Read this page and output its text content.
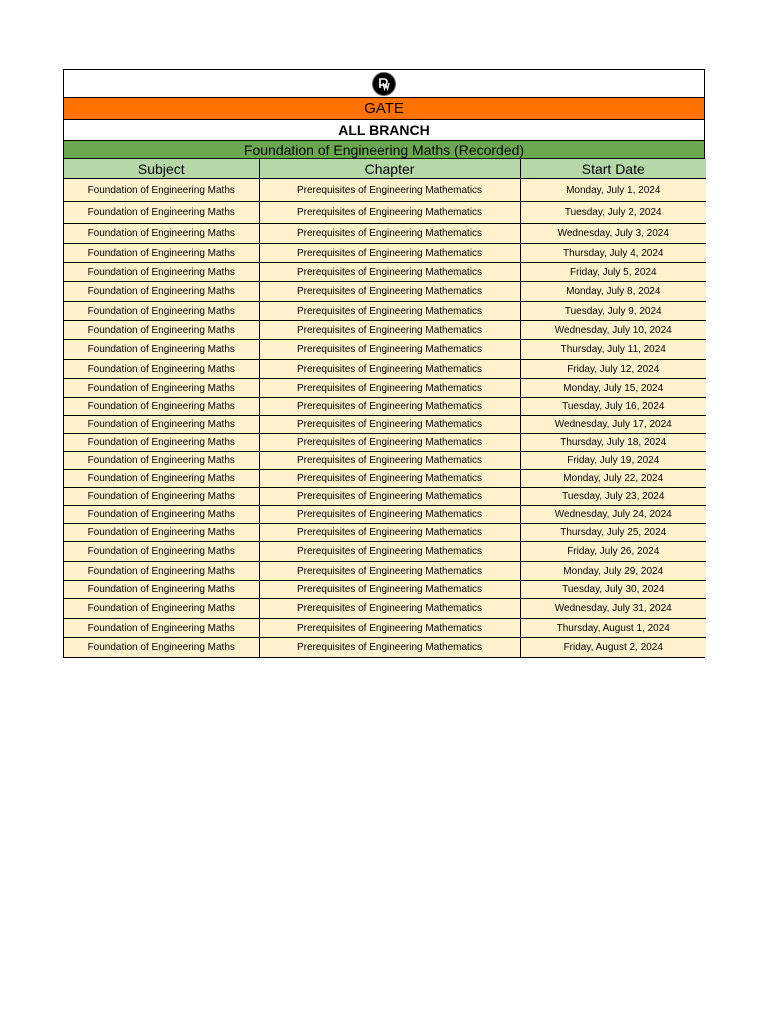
GATE
ALL BRANCH
Foundation of Engineering Maths (Recorded)
Subject	Chapter	Start Date
Foundation of Engineering Maths	Prerequisites of Engineering Mathematics	Monday, July 1, 2024
Foundation of Engineering Maths	Prerequisites of Engineering Mathematics	Tuesday, July 2, 2024
Foundation of Engineering Maths	Prerequisites of Engineering Mathematics	Wednesday, July 3, 2024
Foundation of Engineering Maths	Prerequisites of Engineering Mathematics	Thursday, July 4, 2024
Foundation of Engineering Maths	Prerequisites of Engineering Mathematics	Friday, July 5, 2024
Foundation of Engineering Maths	Prerequisites of Engineering Mathematics	Monday, July 8, 2024
Foundation of Engineering Maths	Prerequisites of Engineering Mathematics	Tuesday, July 9, 2024
Foundation of Engineering Maths	Prerequisites of Engineering Mathematics	Wednesday, July 10, 2024
Foundation of Engineering Maths	Prerequisites of Engineering Mathematics	Thursday, July 11, 2024
Foundation of Engineering Maths	Prerequisites of Engineering Mathematics	Friday, July 12, 2024
Foundation of Engineering Maths	Prerequisites of Engineering Mathematics	Monday, July 15, 2024
Foundation of Engineering Maths	Prerequisites of Engineering Mathematics	Tuesday, July 16, 2024
Foundation of Engineering Maths	Prerequisites of Engineering Mathematics	Wednesday, July 17, 2024
Foundation of Engineering Maths	Prerequisites of Engineering Mathematics	Thursday, July 18, 2024
Foundation of Engineering Maths	Prerequisites of Engineering Mathematics	Friday, July 19, 2024
Foundation of Engineering Maths	Prerequisites of Engineering Mathematics	Monday, July 22, 2024
Foundation of Engineering Maths	Prerequisites of Engineering Mathematics	Tuesday, July 23, 2024
Foundation of Engineering Maths	Prerequisites of Engineering Mathematics	Wednesday, July 24, 2024
Foundation of Engineering Maths	Prerequisites of Engineering Mathematics	Thursday, July 25, 2024
Foundation of Engineering Maths	Prerequisites of Engineering Mathematics	Friday, July 26, 2024
Foundation of Engineering Maths	Prerequisites of Engineering Mathematics	Monday, July 29, 2024
Foundation of Engineering Maths	Prerequisites of Engineering Mathematics	Tuesday, July 30, 2024
Foundation of Engineering Maths	Prerequisites of Engineering Mathematics	Wednesday, July 31, 2024
Foundation of Engineering Maths	Prerequisites of Engineering Mathematics	Thursday, August 1, 2024
Foundation of Engineering Maths	Prerequisites of Engineering Mathematics	Friday, August 2, 2024
